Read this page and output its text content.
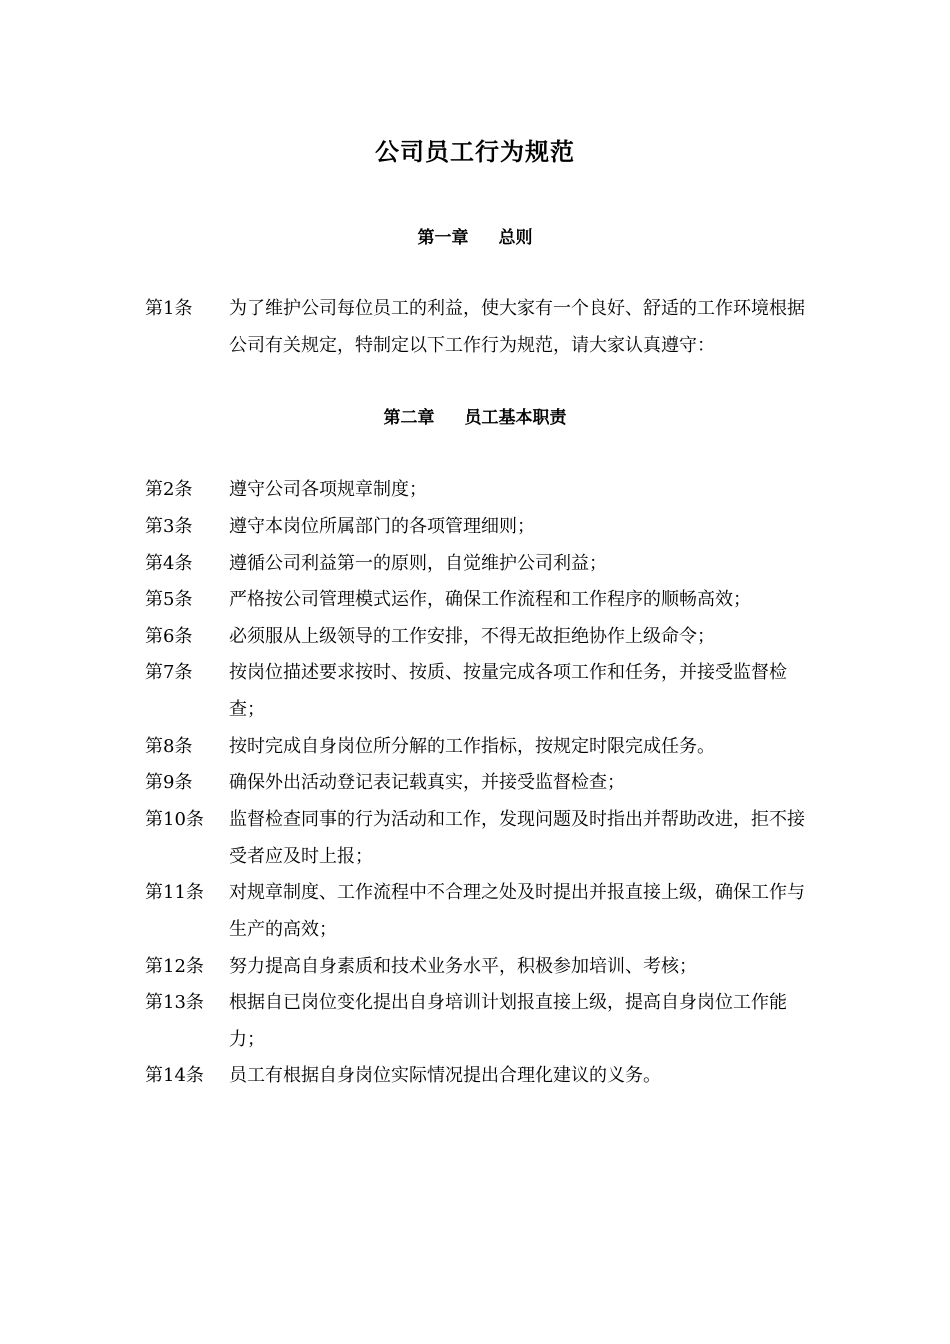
公司员工行为规范
第一章 总则
第1条	为了维护公司每位员工的利益，使大家有一个良好、舒适的工作环境根据公司有关规定，特制定以下工作行为规范，请大家认真遵守：
第二章 员工基本职责
第2条	遵守公司各项规章制度；
第3条	遵守本岗位所属部门的各项管理细则；
第4条	遵循公司利益第一的原则，自觉维护公司利益；
第5条	严格按公司管理模式运作，确保工作流程和工作程序的顺畅高效；
第6条	必须服从上级领导的工作安排，不得无故拒绝协作上级命令；
第7条	按岗位描述要求按时、按质、按量完成各项工作和任务，并接受监督检查；
第8条	按时完成自身岗位所分解的工作指标，按规定时限完成任务。
第9条	确保外出活动登记表记载真实，并接受监督检查；
第10条	监督检查同事的行为活动和工作，发现问题及时指出并帮助改进，拒不接受者应及时上报；
第11条	对规章制度、工作流程中不合理之处及时提出并报直接上级，确保工作与生产的高效；
第12条	努力提高自身素质和技术业务水平，积极参加培训、考核；
第13条	根据自已岗位变化提出自身培训计划报直接上级，提高自身岗位工作能力；
第14条	员工有根据自身岗位实际情况提出合理化建议的义务。
